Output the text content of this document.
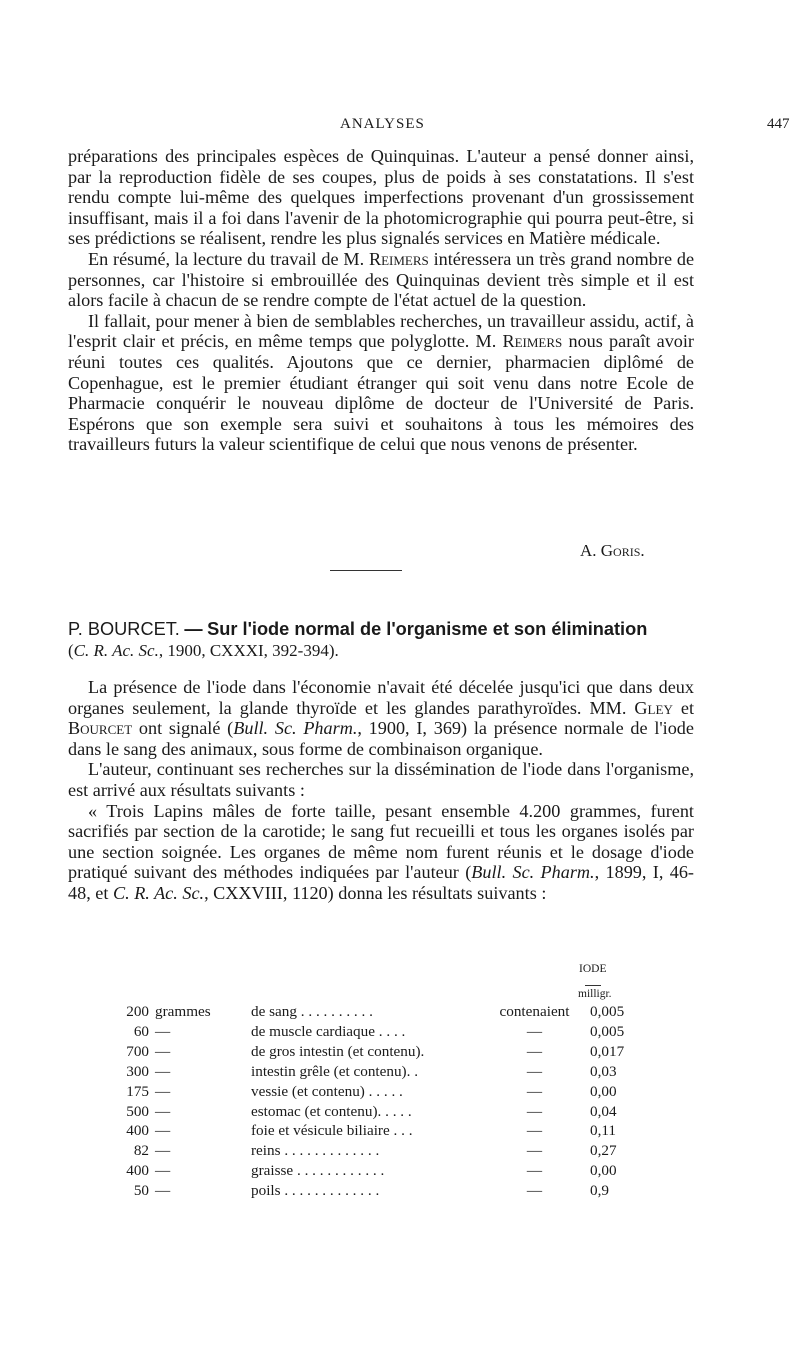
ANALYSES	447

préparations des principales espèces de Quinquinas. L'auteur a pensé donner ainsi, par la reproduction fidèle de ses coupes, plus de poids à ses constatations. Il s'est rendu compte lui-même des quelques imperfections provenant d'un grossissement insuffisant, mais il a foi dans l'avenir de la photomicrographie qui pourra peut-être, si ses prédictions se réalisent, rendre les plus signalés services en Matière médicale.

En résumé, la lecture du travail de M. Reimers intéressera un très grand nombre de personnes, car l'histoire si embrouillée des Quinquinas devient très simple et il est alors facile à chacun de se rendre compte de l'état actuel de la question.

Il fallait, pour mener à bien de semblables recherches, un travailleur assidu, actif, à l'esprit clair et précis, en même temps que polyglotte. M. Reimers nous paraît avoir réuni toutes ces qualités. Ajoutons que ce dernier, pharmacien diplômé de Copenhague, est le premier étudiant étranger qui soit venu dans notre Ecole de Pharmacie conquérir le nouveau diplôme de docteur de l'Université de Paris. Espérons que son exemple sera suivi et souhaitons à tous les mémoires des travailleurs futurs la valeur scientifique de celui que nous venons de présenter.

A. Goris.
P. BOURCET. — Sur l'iode normal de l'organisme et son élimination
(C. R. Ac. Sc., 1900, CXXXI, 392-394).

La présence de l'iode dans l'économie n'avait été décelée jusqu'ici que dans deux organes seulement, la glande thyroïde et les glandes parathyroïdes. MM. Gley et Bourcet ont signalé (Bull. Sc. Pharm., 1900, I, 369) la présence normale de l'iode dans le sang des animaux, sous forme de combinaison organique.

L'auteur, continuant ses recherches sur la dissémination de l'iode dans l'organisme, est arrivé aux résultats suivants :

« Trois Lapins mâles de forte taille, pesant ensemble 4.200 grammes, furent sacrifiés par section de la carotide; le sang fut recueilli et tous les organes isolés par une section soignée. Les organes de même nom furent réunis et le dosage d'iode pratiqué suivant des méthodes indiquées par l'auteur (Bull. Sc. Pharm., 1899, I, 46-48, et C. R. Ac. Sc., CXXVIII, 1120) donna les résultats suivants :

IODE
milligr.
200	grammes	de sang . . . . . . . . . .	contenaient	0,005
60	—	de muscle cardiaque . . . .	—	0,005
700	—	de gros intestin (et contenu).	—	0,017
300	—	intestin grêle (et contenu). .	—	0,03
175	—	vessie (et contenu) . . . . .	—	0,00
500	—	estomac (et contenu). . . . .	—	0,04
400	—	foie et vésicule biliaire . . .	—	0,11
82	—	reins . . . . . . . . . . . . .	—	0,27
400	—	graisse . . . . . . . . . . . .	—	0,00
50	—	poils . . . . . . . . . . . . .	—	0,9
